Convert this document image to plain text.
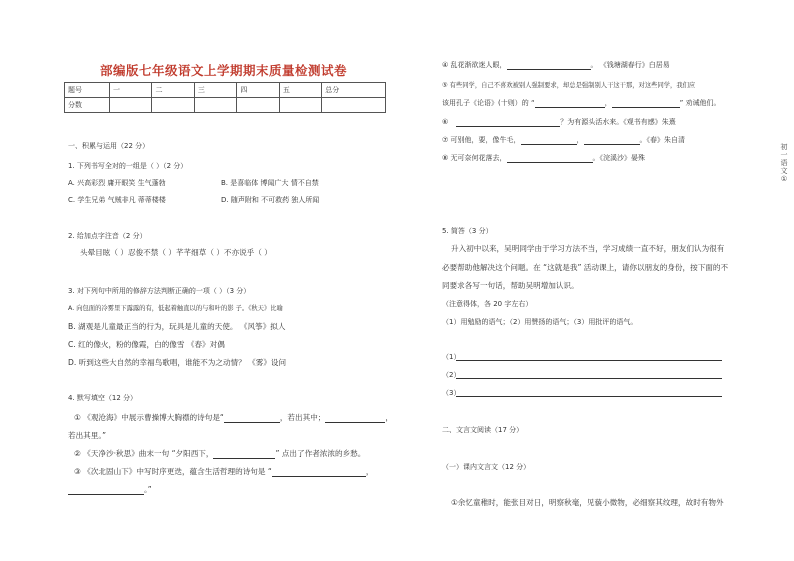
部编版七年级语文上学期期末质量检测试卷
题号	一	二	三	四	五	总分
分数						
一、积累与运用（22 分）
1. 下列书写全对的一组是（ ）（2 分）
A. 兴高彩烈 庸开眼笑 生气蓬勃	B. 是喜临体 博闻广大 情不自禁
C. 学生兄弟 气贼非凡 蒂蒂楼楼	D. 随声附和 不可救药 独人所闻
2. 给加点字注音（2 分）
头晕目眩（ ）忍俊不禁（ ）芊芊细草（ ）不亦说乎（ ）
3. 对下列句中所用的修辞方法判断正确的一项（ ）（3 分）
A. 向包面的冷雾里下露露的有，低起着触直以的与和叶的影 子。《秋天》比喻
B. 湖观是儿童最正当的行为，玩具是儿童的天使。 《风筝》拟人
C. 红的像火，粉的像霞，白的像雪 《春》对偶
D. 听到这些大自然的幸福鸟歌唱，谁能不为之动情？ 《雾》设问
4. 默写填空（12 分）
① 《观沧海》中展示曹操博大胸襟的诗句是“	，若出其中；	，
若出其里。”
② 《天净沙·秋思》曲末一句 “夕阳西下，	” 点出了作者浓浓的乡愁。
③ 《次北固山下》中写时序更迭，蕴含生活哲理的诗句是 “	，
。”
④ 乱花渐欲迷人眼，	。 《钱塘湖春行》白居易
⑤ 有些同学，自己不喜欢被别人强制要求，却总是强制别人干这干那，对这些同学，我们应
该用孔子《论语》(十则）的 “	，	” 劝诫他们。
⑥	？为有源头活水来。《观书有感》朱熹
⑦ 可别他，要，像牛毛，	，	。《春》朱自清
⑧ 无可奈何花落去，	。《浣溪沙》晏殊
5. 简答（3 分）
升入初中以来，吴明同学由于学习方法不当，学习成绩一直不好，朋友们认为很有
必要帮助他解决这个问题。在 “这就是我” 活动课上，请你以朋友的身份，按下面的不
同要求各写一句话，帮助吴明增加认识。
（注意得体，各 20 字左右）
（1）用勉励的语气；（2）用赞扬的语气；（3）用批评的语气。
（1）
（2）
（3）
二、文言文阅读（17 分）
（一）课内文言文（12 分）
①余忆童稚时，能张目对日，明察秋毫，见藐小微物，必细察其纹理，故时有物外
初一语文①
